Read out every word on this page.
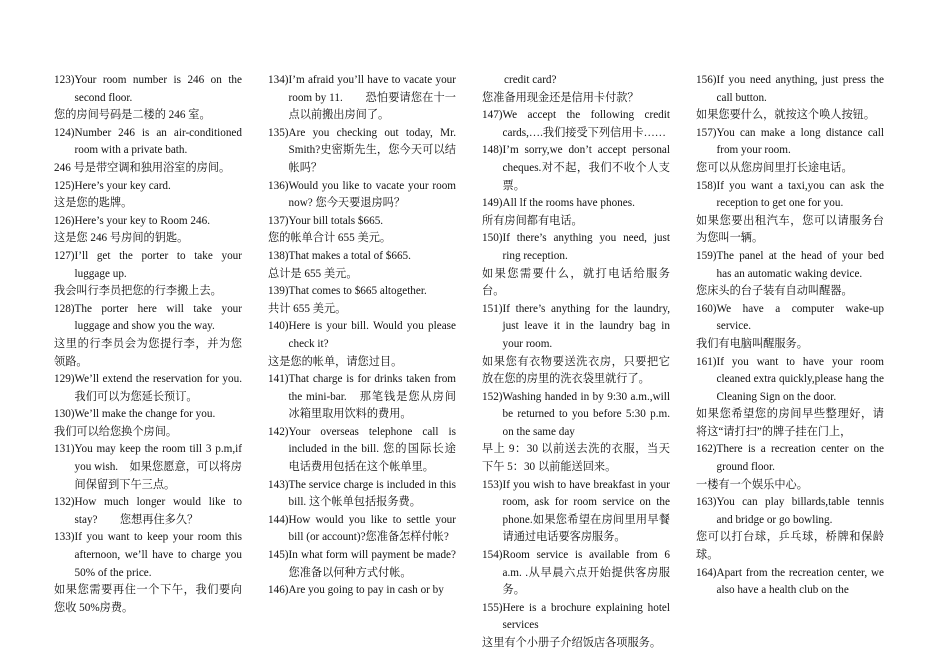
123) Your room number is 246 on the second floor.
您的房间号码是二楼的 246 室。
124) Number 246 is an air-conditioned room with a private bath.
246 号是带空调和独用浴室的房间。
125) Here’s your key card.
这是您的匙牌。
126) Here’s your key to Room 246.
这是您 246 号房间的钥匙。
127) I’ll get the porter to take your luggage up.
我会叫行李员把您的行李搬上去。
128) The porter here will take your luggage and show you the way.
这里的行李员会为您提行李，并为您领路。
129) We’ll extend the reservation for you.我们可以为您延长预订。
130) We’ll make the change for you.
我们可以给您换个房间。
131) You may keep the room till 3 p.m,if you wish.　如果您愿意，可以将房间保留到下午三点。
132) How much longer would like to stay?　　您想再住多久？
133) If you want to keep your room this afternoon, we’ll have to charge you 50% of the price.
如果您需要再住一个下午，我们要向您收 50%房费。
134) I’m afraid you’ll have to vacate your room by 11.　　恐怕要请您在十一点以前搬出房间了。
135) Are you checking out today, Mr. Smith?史密斯先生，您今天可以结帐吗？
136) Would you like to vacate your room now? 您今天要退房吗？
137) Your bill totals $665.
您的帐单合计 655 美元。
138) That makes a total of $665.
总计是 655 美元。
139) That comes to $665 altogether.
共计 655 美元。
140) Here is your bill. Would you please check it?
这是您的帐单，请您过目。
141) That charge is for drinks taken from the mini-bar.　那笔钱是您从房间冰箱里取用饮料的费用。
142) Your overseas telephone call is included in the bill. 您的国际长途电话费用包括在这个帐单里。
143) The service charge is included in this bill. 这个帐单包括报务费。
144) How would you like to settle your bill (or account)?您准备怎样付帐?
145) In what form will payment be made?您准备以何种方式付帐。
146) Are you going to pay in cash or by
credit card?
您准备用现金还是信用卡付款？
147) We accept the following credit cards,….我们接受下列信用卡……
148) I’m sorry,we don’t accept personal cheques.对不起，我们不收个人支票。
149) All lf the rooms have phones.
所有房间都有电话。
150) If there’s anything you need, just ring reception.
如果您需要什么，就打电话给服务台。
151) If there’s anything for the laundry, just leave it in the laundry bag in your room.
如果您有衣物要送洗衣房，只要把它放在您的房里的洗衣袋里就行了。
152) Washing handed in by 9:30 a.m.,will be returned to you before 5:30 p.m. on the same day
早上 9：30 以前送去洗的衣服，当天下午 5：30 以前能送回来。
153) If you wish to have breakfast in your room, ask for room service on the phone.如果您希望在房间里用早餐请通过电话要客房服务。
154) Room service is available from 6 a.m. .从早晨六点开始提供客房服务。
155) Here is a brochure explaining hotel services
这里有个小册子介绍饭店各项服务。
156) If you need anything, just press the call button.
如果您要什么，就按这个唤人按钮。
157) You can make a long distance call from your room.
您可以从您房间里打长途电话。
158) If you want a taxi,you can ask the reception to get one for you.
如果您要出租汽车，您可以请服务台为您叫一辆。
159) The panel at the head of your bed has an automatic waking device.
您床头的台子装有自动叫醒器。
160) We have a computer wake-up service.
我们有电脑叫醒服务。
161) If you want to have your room cleaned extra quickly,please hang the Cleaning Sign on the door.
如果您希望您的房间早些整理好，请将这“请打扫”的牌子挂在门上，
162) There is a recreation center on the ground floor.
一楼有一个娱乐中心。
163) You can play billards,table tennis and bridge or go bowling.
您可以打台球，乒乓球，桥牌和保龄球。
164) Apart from the recreation center, we also have a health club on the
